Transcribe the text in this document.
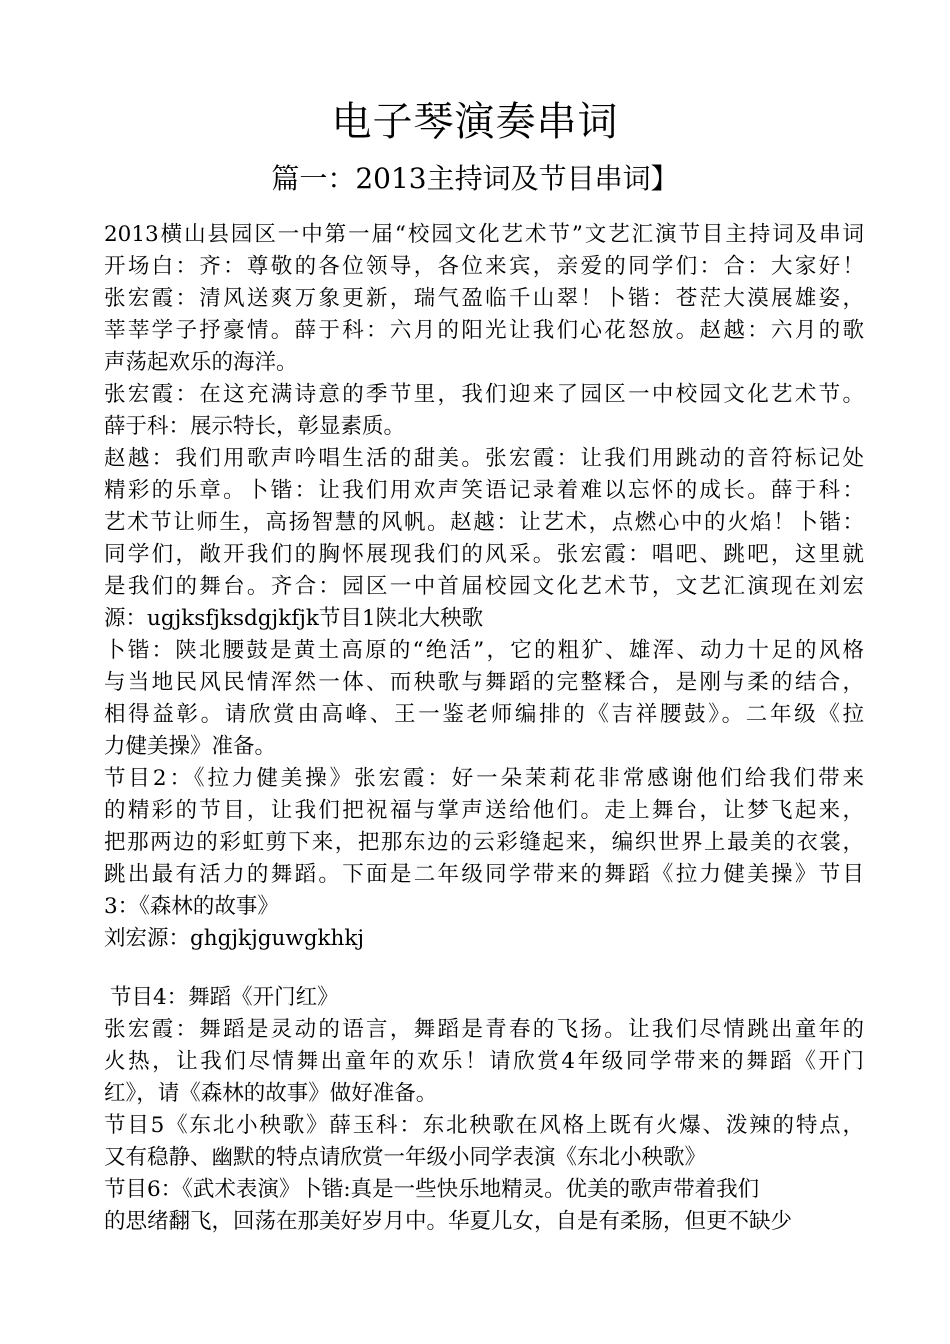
电子琴演奏串词
篇一：2013主持词及节目串词】
2013横山县园区一中第一届“校园文化艺术节”文艺汇演节目主持词及串词
开场白：齐：尊敬的各位领导，各位来宾，亲爱的同学们：合：大家好！
张宏霞：清风送爽万象更新，瑞气盈临千山翠！卜锴：苍茫大漠展雄姿，
莘莘学子抒豪情。薛于科：六月的阳光让我们心花怒放。赵越：六月的歌
声荡起欢乐的海洋。
张宏霞：在这充满诗意的季节里，我们迎来了园区一中校园文化艺术节。
薛于科：展示特长，彰显素质。
赵越：我们用歌声吟唱生活的甜美。张宏霞：让我们用跳动的音符标记处
精彩的乐章。卜锴：让我们用欢声笑语记录着难以忘怀的成长。薛于科：
艺术节让师生，高扬智慧的风帆。赵越：让艺术，点燃心中的火焰！卜锴：
同学们，敞开我们的胸怀展现我们的风采。张宏霞：唱吧、跳吧，这里就
是我们的舞台。齐合：园区一中首届校园文化艺术节，文艺汇演现在刘宏
源：ugjksfjksdgjkfjk节目1陕北大秧歌
卜锴：陕北腰鼓是黄土高原的“绝活”，它的粗犷、雄浑、动力十足的风格
与当地民风民情浑然一体、而秧歌与舞蹈的完整糅合，是刚与柔的结合，
相得益彰。请欣赏由高峰、王一鉴老师编排的《吉祥腰鼓》。二年级《拉
力健美操》准备。
节目2：《拉力健美操》张宏霞：好一朵茉莉花非常感谢他们给我们带来
的精彩的节目，让我们把祝福与掌声送给他们。走上舞台，让梦飞起来，
把那两边的彩虹剪下来，把那东边的云彩缝起来，编织世界上最美的衣裳，
跳出最有活力的舞蹈。下面是二年级同学带来的舞蹈《拉力健美操》节目
3：《森林的故事》
刘宏源：ghgjkjguwgkhkj
节目4：舞蹈《开门红》
张宏霞：舞蹈是灵动的语言，舞蹈是青春的飞扬。让我们尽情跳出童年的
火热，让我们尽情舞出童年的欢乐！请欣赏4年级同学带来的舞蹈《开门
红》，请《森林的故事》做好准备。
节目5《东北小秧歌》薛玉科：东北秧歌在风格上既有火爆、泼辣的特点，
又有稳静、幽默的特点请欣赏一年级小同学表演《东北小秧歌》
节目6：《武术表演》卜锴:真是一些快乐地精灵。优美的歌声带着我们
的思绪翻飞，回荡在那美好岁月中。华夏儿女，自是有柔肠，但更不缺少
